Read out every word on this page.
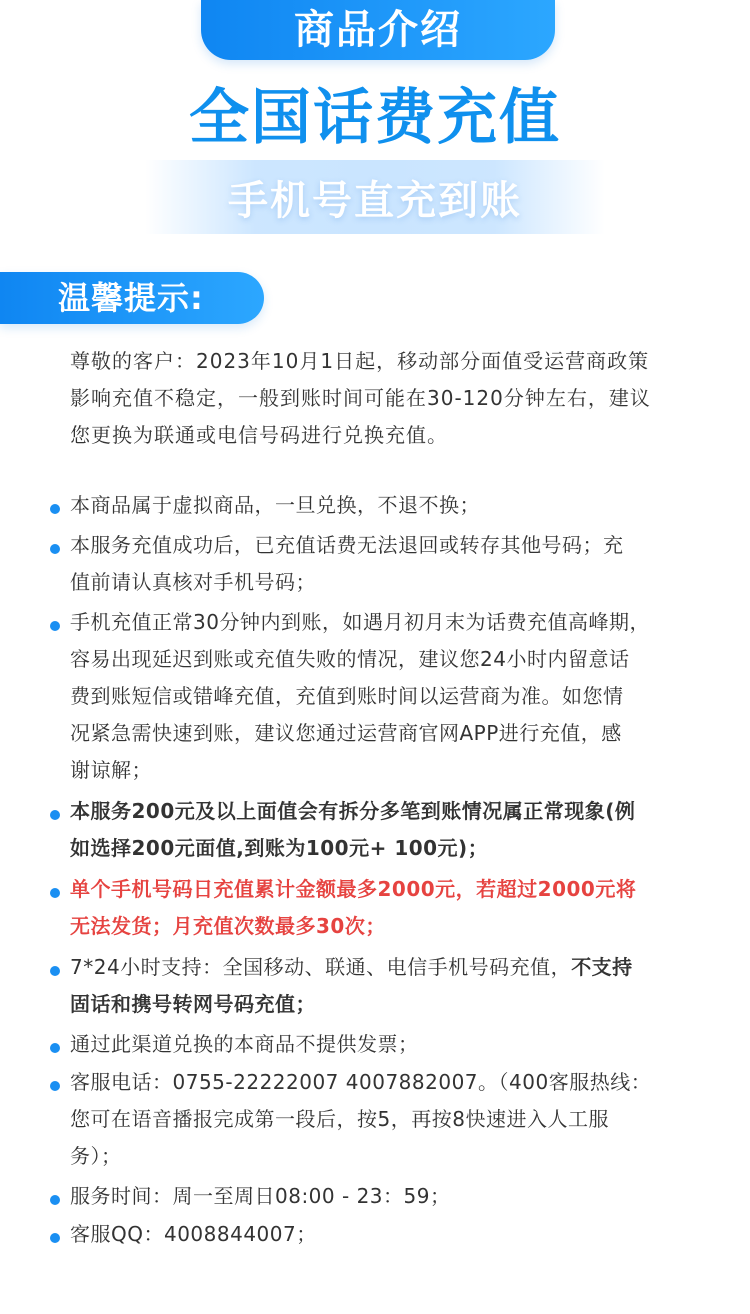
商品介绍
全国话费充值
手机号直充到账
温馨提示:
尊敬的客户：2023年10月1日起，移动部分面值受运营商政策
影响充值不稳定，一般到账时间可能在30-120分钟左右，建议
您更换为联通或电信号码进行兑换充值。
本商品属于虚拟商品，一旦兑换，不退不换；
本服务充值成功后，已充值话费无法退回或转存其他号码；充
值前请认真核对手机号码；
手机充值正常30分钟内到账，如遇月初月末为话费充值高峰期，
容易出现延迟到账或充值失败的情况，建议您24小时内留意话
费到账短信或错峰充值，充值到账时间以运营商为准。如您情
况紧急需快速到账，建议您通过运营商官网APP进行充值，感
谢谅解；
本服务200元及以上面值会有拆分多笔到账情况属正常现象(例
如选择200元面值,到账为100元+ 100元)；
单个手机号码日充值累计金额最多2000元，若超过2000元将
无法发货；月充值次数最多30次；
7*24小时支持：全国移动、联通、电信手机号码充值，不支持
固话和携号转网号码充值；
通过此渠道兑换的本商品不提供发票；
客服电话：0755-22222007 4007882007。（400客服热线：
您可在语音播报完成第一段后，按5，再按8快速进入人工服
务）；
服务时间：周一至周日08:00 - 23：59；
客服QQ：4008844007；
